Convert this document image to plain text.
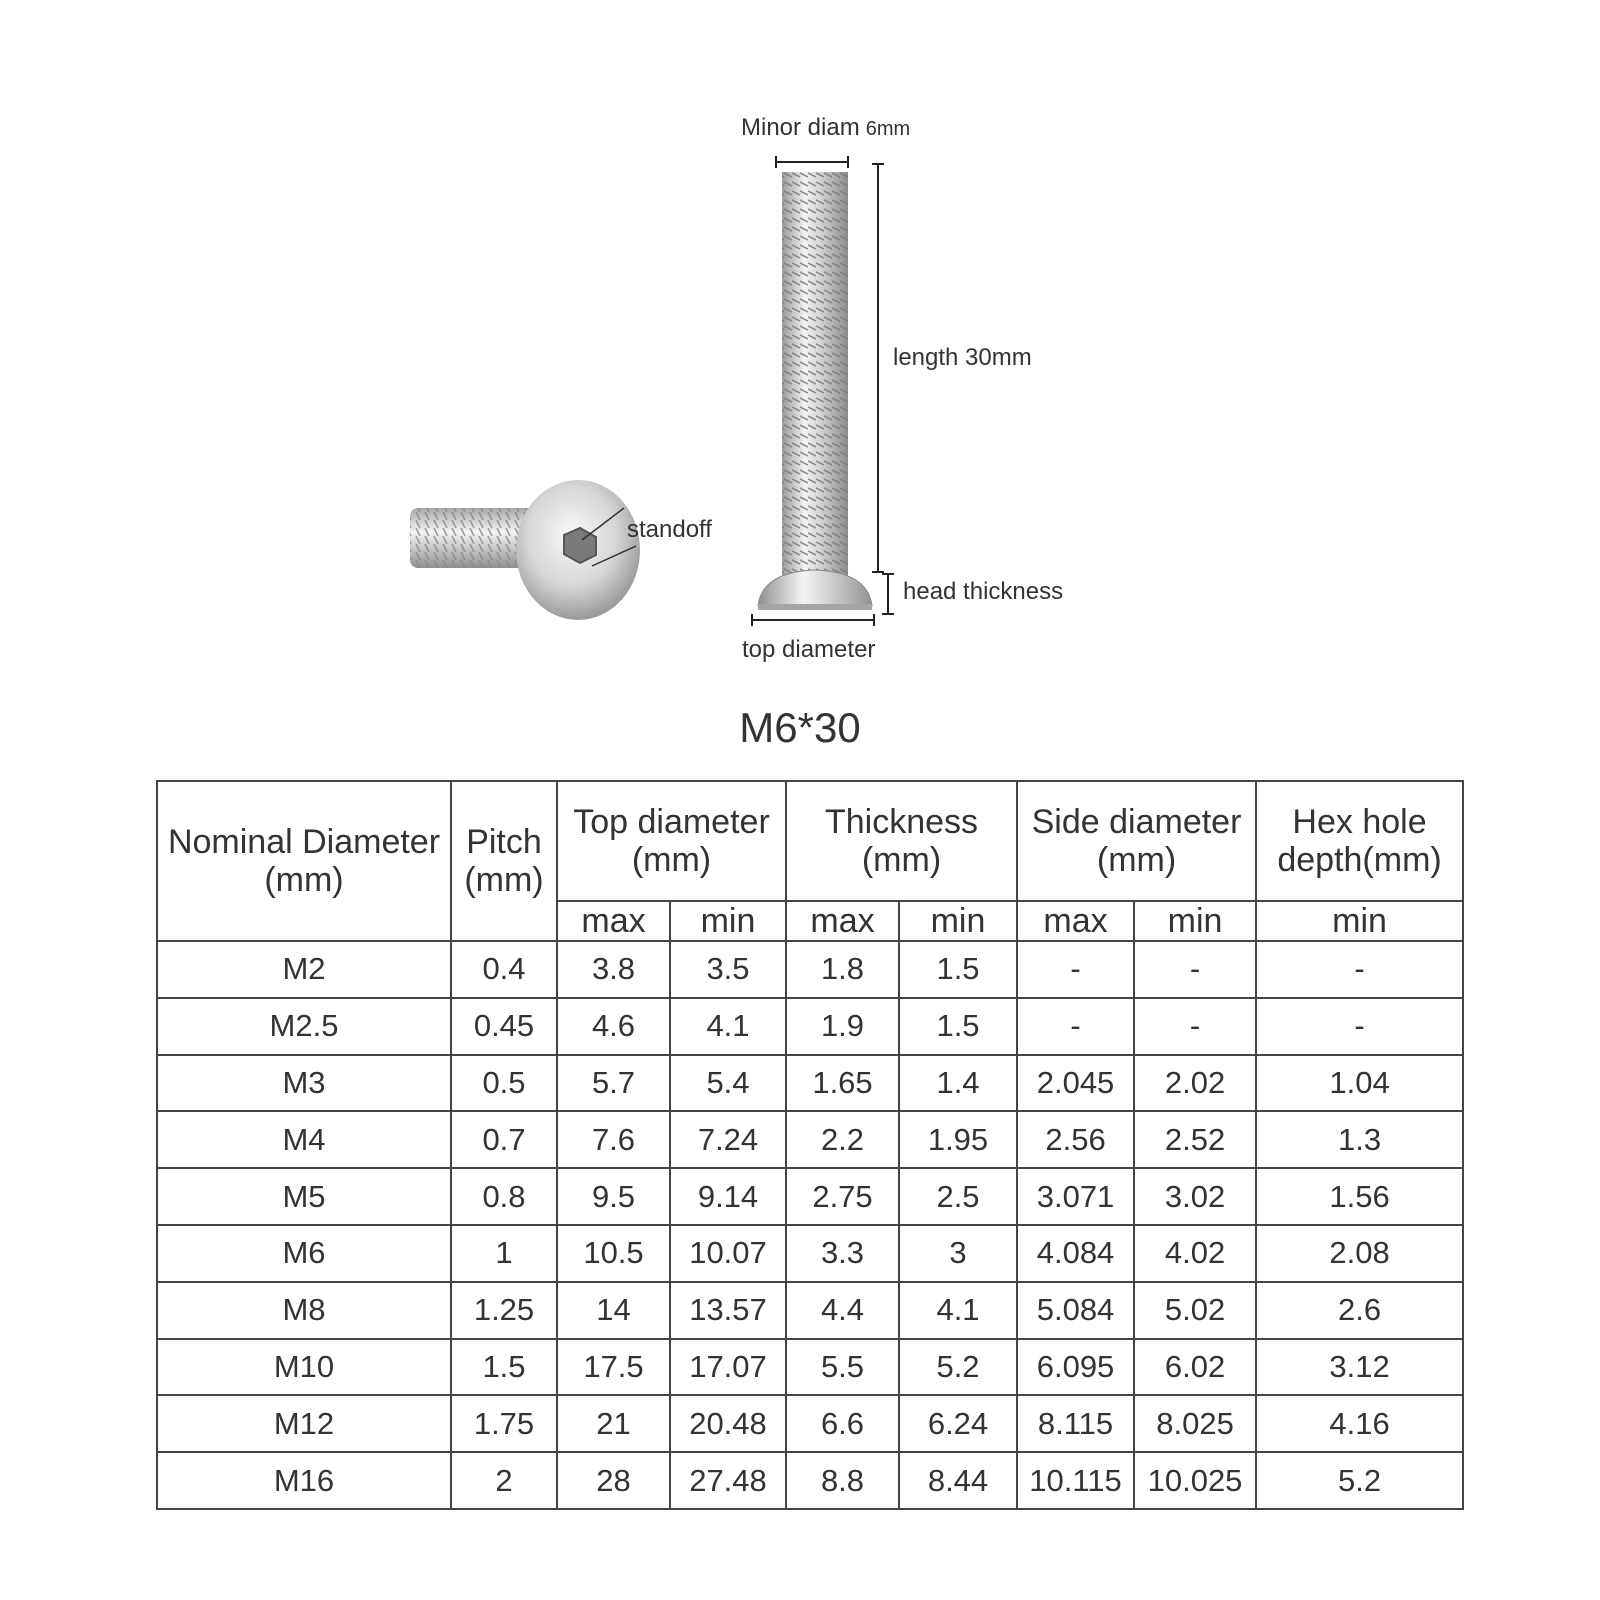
Minor diam 6mm
length 30mm
standoff
head thickness
top diameter
M6*30
Nominal Diameter (mm)	Pitch (mm)	Top diameter (mm)		Thickness (mm)		Side diameter (mm)		Hex hole depth(mm)
		max	min	max	min	max	min	min
M2	0.4	3.8	3.5	1.8	1.5	-	-	-
M2.5	0.45	4.6	4.1	1.9	1.5	-	-	-
M3	0.5	5.7	5.4	1.65	1.4	2.045	2.02	1.04
M4	0.7	7.6	7.24	2.2	1.95	2.56	2.52	1.3
M5	0.8	9.5	9.14	2.75	2.5	3.071	3.02	1.56
M6	1	10.5	10.07	3.3	3	4.084	4.02	2.08
M8	1.25	14	13.57	4.4	4.1	5.084	5.02	2.6
M10	1.5	17.5	17.07	5.5	5.2	6.095	6.02	3.12
M12	1.75	21	20.48	6.6	6.24	8.115	8.025	4.16
M16	2	28	27.48	8.8	8.44	10.115	10.025	5.2
